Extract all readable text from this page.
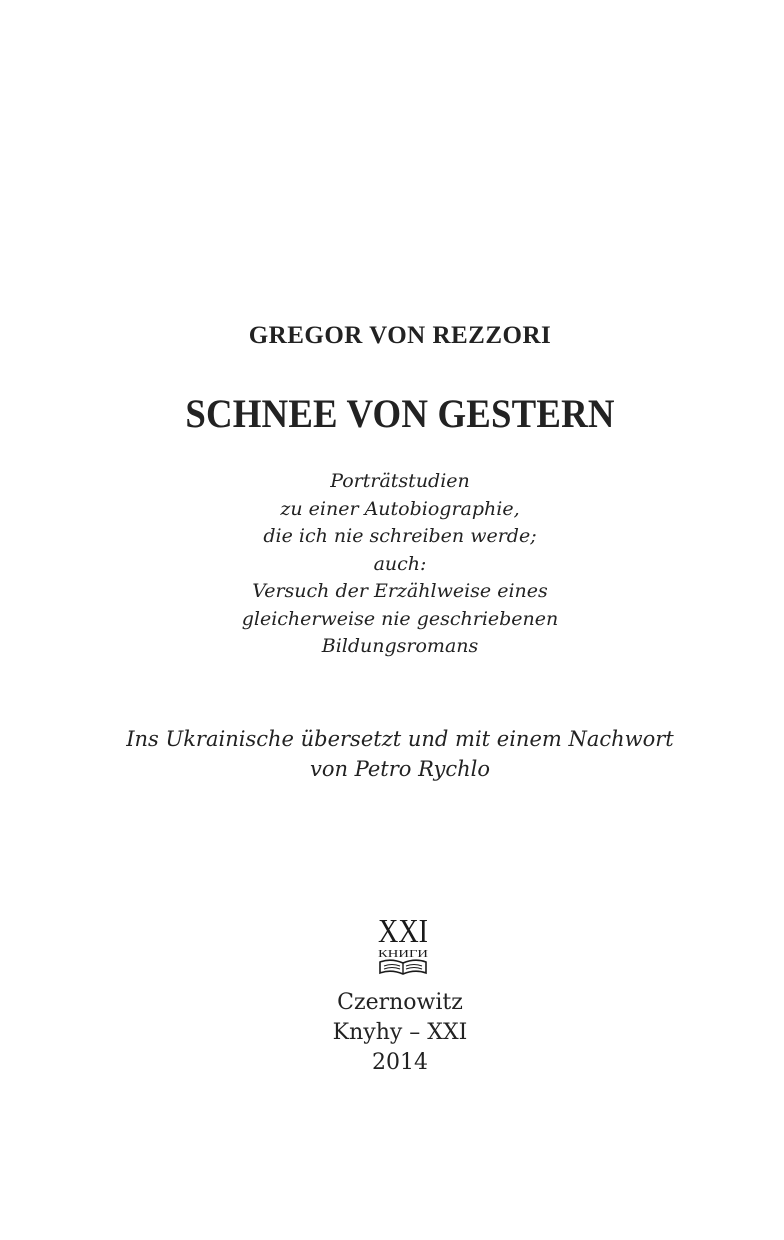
GREGOR VON REZZORI
SCHNEE VON GESTERN
Porträtstudien
zu einer Autobiographie,
die ich nie schreiben werde;
auch:
Versuch der Erzählweise eines
gleicherweise nie geschriebenen
Bildungsromans
Ins Ukrainische übersetzt und mit einem Nachwort
von Petro Rychlo
XXI
КНИГИ
Czernowitz
Knyhy – XXI
2014
